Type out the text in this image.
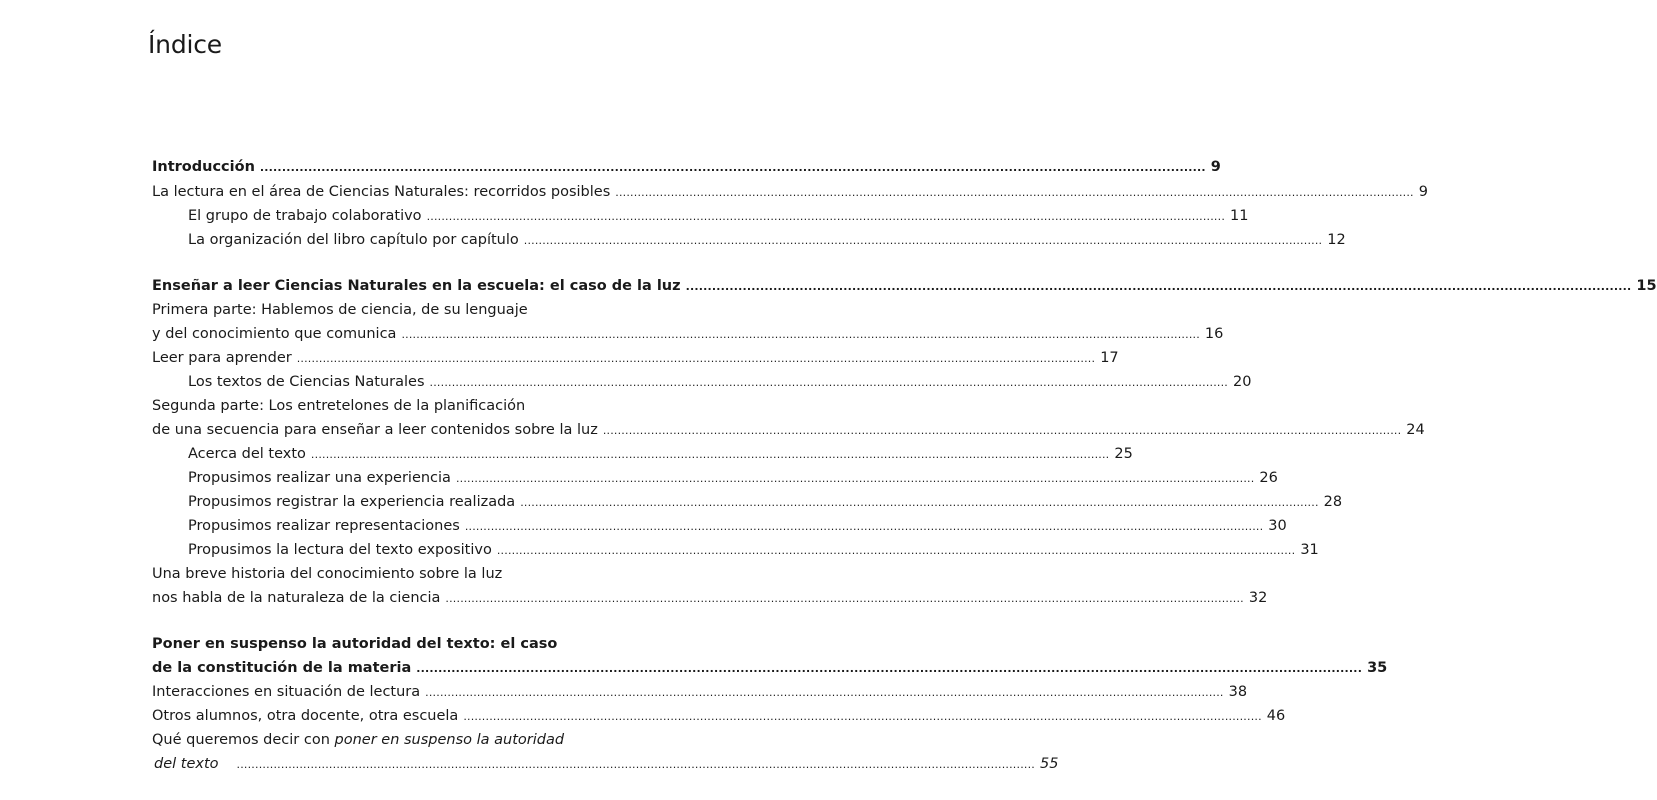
Índice
Introducción .....	9
La lectura en el área de Ciencias Naturales: recorridos posibles .....	9
El grupo de trabajo colaborativo .....	11
La organización del libro capítulo por capítulo .....	12
Enseñar a leer Ciencias Naturales en la escuela: el caso de la luz .....	15
Primera parte: Hablemos de ciencia, de su lenguaje
y del conocimiento que comunica .....	16
Leer para aprender .....	17
Los textos de Ciencias Naturales .....	20
Segunda parte: Los entretelones de la planificación
de una secuencia para enseñar a leer contenidos sobre la luz .....	24
Acerca del texto .....	25
Propusimos realizar una experiencia .....	26
Propusimos registrar la experiencia realizada .....	28
Propusimos realizar representaciones .....	30
Propusimos la lectura del texto expositivo .....	31
Una breve historia del conocimiento sobre la luz
nos habla de la naturaleza de la ciencia .....	32
Poner en suspenso la autoridad del texto: el caso
de la constitución de la materia .....	35
Interacciones en situación de lectura .....	38
Otros alumnos, otra docente, otra escuela .....	46
Qué queremos decir con poner en suspenso la autoridad
del texto .....	55
